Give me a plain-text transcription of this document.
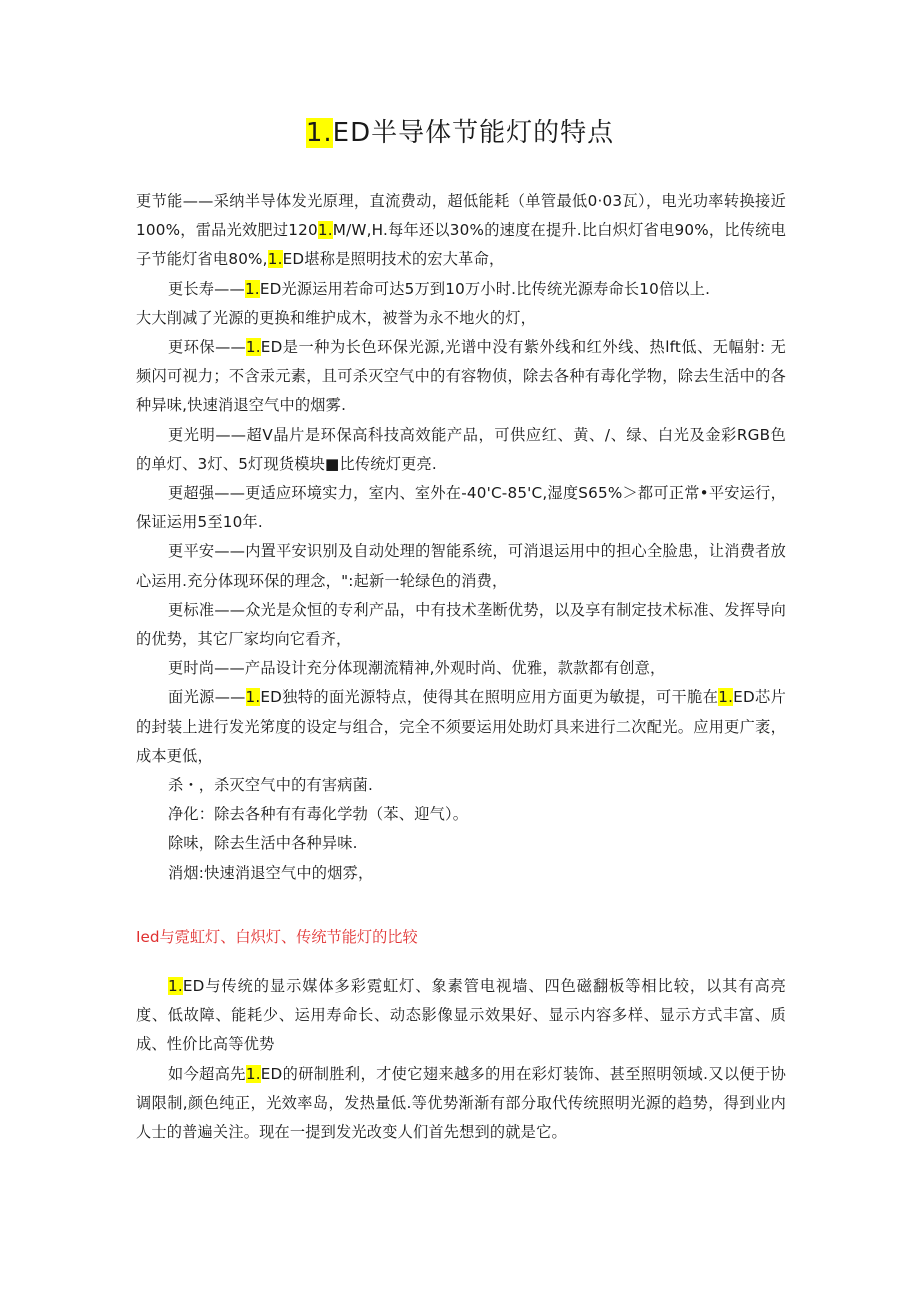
1.ED半导体节能灯的特点

更节能——采纳半导体发光原理，直流费动，超低能耗（单管最低0·03瓦），电光功率转换接近100%，雷品光效肥过1201.M/W,H.每年还以30%的速度在提升.比白炽灯省电90%，比传统电子节能灯省电80%,1.ED堪称是照明技术的宏大革命，

更长寿——1.ED光源运用若命可达5万到10万小时.比传统光源寿命长10倍以上.

大大削减了光源的更换和维护成木，被誉为永不地火的灯，

更环保——1.ED是一种为长色环保光源,光谱中没有紫外线和红外线、热lft低、无幅射: 无频闪可视力；不含汞元素，且可杀灭空气中的有容物侦，除去各种有毒化学物，除去生活中的各种异味,快速消退空气中的烟雾.

更光明——超V晶片是环保高科技高效能产品，可供应红、黄、/、绿、白光及金彩RGB色的单灯、3灯、5灯现货模块■比传统灯更亮.

更超强——更适应环境实力，室内、室外在-40'C-85'C,湿度S65%＞都可正常•平安运行，保证运用5至10年.

更平安——内置平安识别及自动处理的智能系统，可消退运用中的担心全脸患，让消费者放心运用.充分体现环保的理念，":起新一轮绿色的消费，

更标准——众光是众恒的专利产品，中有技术垄断优势，以及享有制定技术标准、发挥导向的优势，其它厂家均向它看齐，

更时尚——产品设计充分体现潮流精神,外观时尚、优雅，款款都有创意，

面光源——1.ED独特的面光源特点，使得其在照明应用方面更为敏提，可干脆在1.ED芯片的封装上进行发光笫度的设定与组合，完全不须要运用处助灯具来进行二次配光。应用更广袤，成本更低，

杀・，杀灭空气中的有害病菌.

净化：除去各种有有毒化学勃（苯、迎气）。

除味，除去生活中各种异味.

消烟:快速消退空气中的烟雰，

Ied与霓虹灯、白炽灯、传统节能灯的比较

1.ED与传统的显示媒体多彩霓虹灯、象素管电视墙、四色磁翻板等相比较，以其有高亮度、低故障、能耗少、运用寿命长、动态影像显示效果好、显示内容多样、显示方式丰富、质成、性价比高等优势

如今超高先1.ED的研制胜利，才使它翅来越多的用在彩灯装饰、甚至照明领域.又以便于协调限制,颜色纯正，光效率岛，发热量低.等优势渐渐有部分取代传统照明光源的趋势，得到业内人士的普遍关注。现在一提到发光改变人们首先想到的就是它。
